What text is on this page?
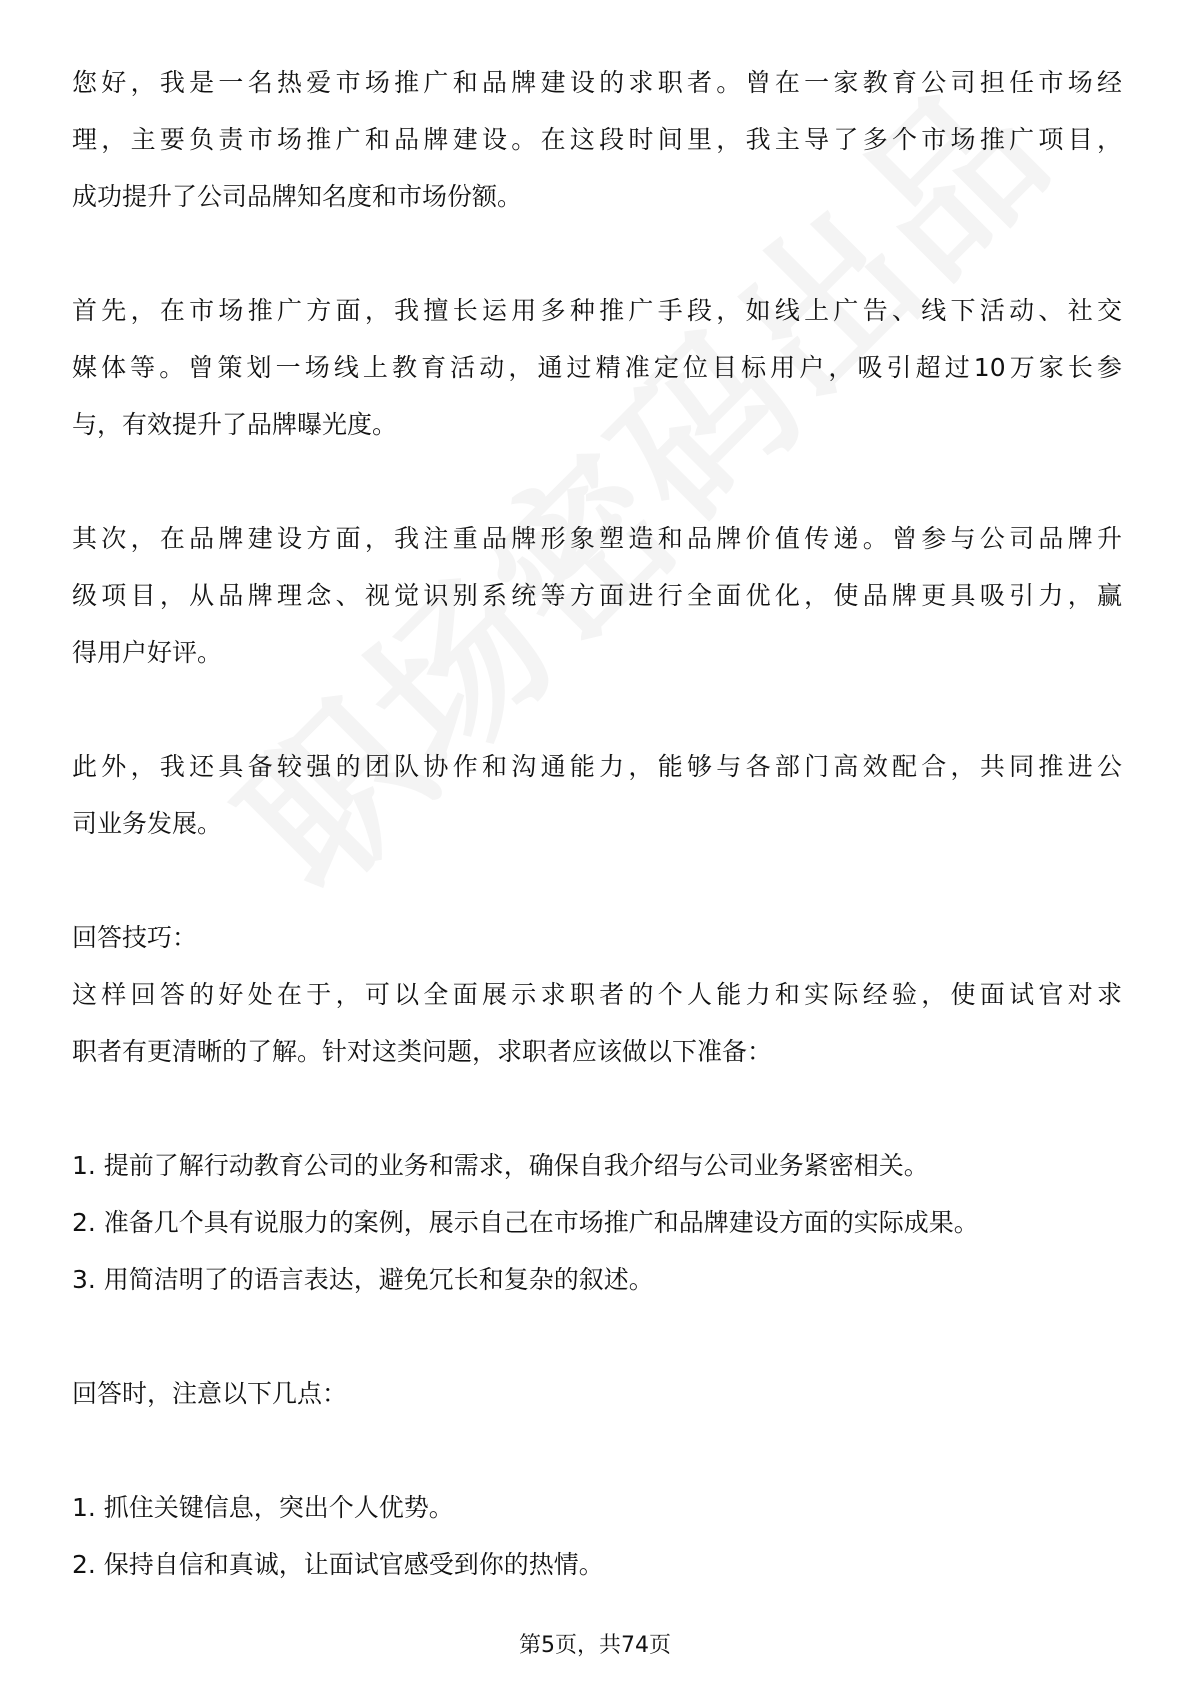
您好，我是一名热爱市场推广和品牌建设的求职者。曾在一家教育公司担任市场经
理，主要负责市场推广和品牌建设。在这段时间里，我主导了多个市场推广项目，
成功提升了公司品牌知名度和市场份额。
首先，在市场推广方面，我擅长运用多种推广手段，如线上广告、线下活动、社交
媒体等。曾策划一场线上教育活动，通过精准定位目标用户，吸引超过10万家长参
与，有效提升了品牌曝光度。
其次，在品牌建设方面，我注重品牌形象塑造和品牌价值传递。曾参与公司品牌升
级项目，从品牌理念、视觉识别系统等方面进行全面优化，使品牌更具吸引力，赢
得用户好评。
此外，我还具备较强的团队协作和沟通能力，能够与各部门高效配合，共同推进公
司业务发展。
回答技巧：
这样回答的好处在于，可以全面展示求职者的个人能力和实际经验，使面试官对求
职者有更清晰的了解。针对这类问题，求职者应该做以下准备：
1. 提前了解行动教育公司的业务和需求，确保自我介绍与公司业务紧密相关。
2. 准备几个具有说服力的案例，展示自己在市场推广和品牌建设方面的实际成果。
3. 用简洁明了的语言表达，避免冗长和复杂的叙述。
回答时，注意以下几点：
1. 抓住关键信息，突出个人优势。
2. 保持自信和真诚，让面试官感受到你的热情。
第5页，共74页
